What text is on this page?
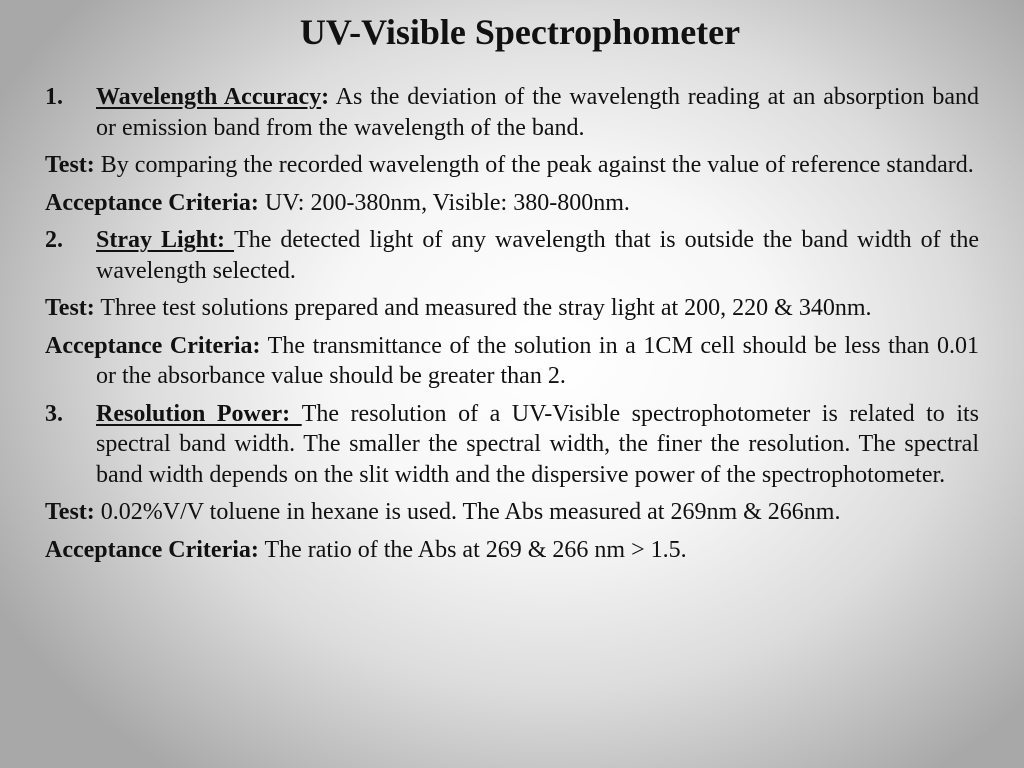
UV-Visible Spectrophometer

1. Wavelength Accuracy: As the deviation of the wavelength reading at an absorption band or emission band from the wavelength of the band.

Test: By comparing the recorded wavelength of the peak against the value of reference standard.

Acceptance Criteria: UV: 200-380nm, Visible: 380-800nm.

2. Stray Light: The detected light of any wavelength that is outside the band width of the wavelength selected.

Test: Three test solutions prepared and measured the stray light at 200, 220 & 340nm.

Acceptance Criteria: The transmittance of the solution in a 1CM cell should be less than 0.01 or the absorbance value should be greater than 2.

3. Resolution Power: The resolution of a UV-Visible spectrophotometer is related to its spectral band width. The smaller the spectral width, the finer the resolution. The spectral band width depends on the slit width and the dispersive power of the spectrophotometer.

Test: 0.02%V/V toluene in hexane is used. The Abs measured at 269nm & 266nm.

Acceptance Criteria: The ratio of the Abs at 269 & 266 nm > 1.5.
